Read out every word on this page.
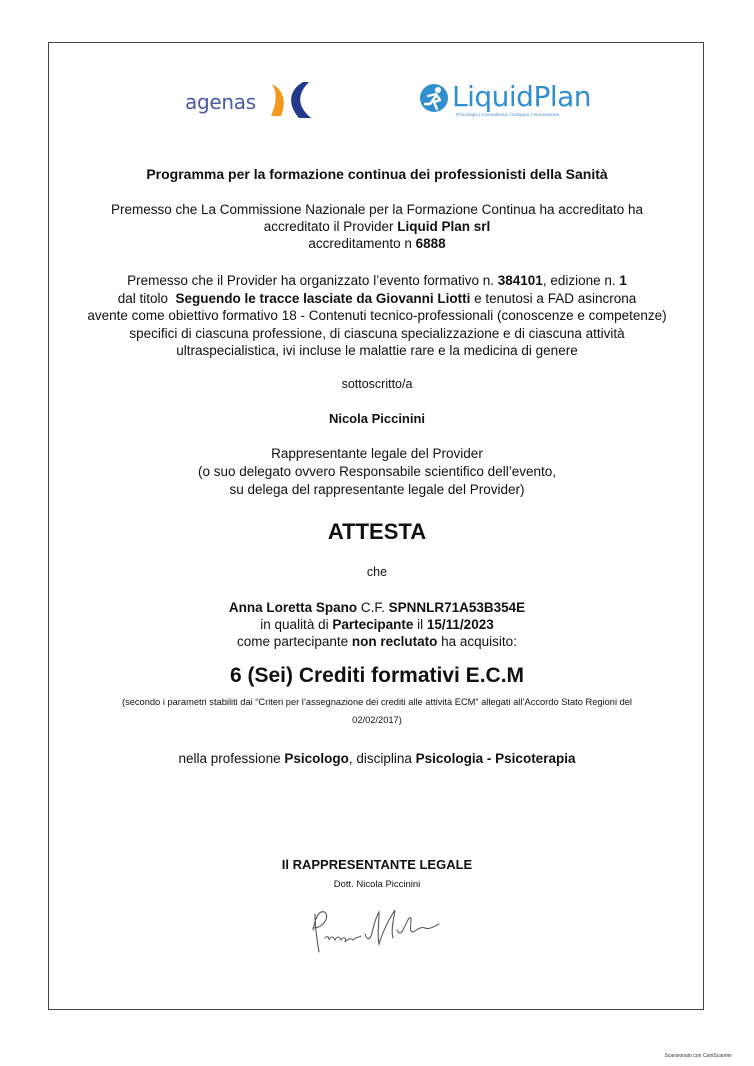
agenas	LiquidPlan
Psicologia | Consulenza | Sviluppo | Innovazione
Programma per la formazione continua dei professionisti della Sanità
Premesso che La Commissione Nazionale per la Formazione Continua ha accreditato ha
accreditato il Provider Liquid Plan srl
accreditamento n 6888
Premesso che il Provider ha organizzato l’evento formativo n. 384101, edizione n. 1
dal titolo  Seguendo le tracce lasciate da Giovanni Liotti e tenutosi a FAD asincrona
avente come obiettivo formativo 18 - Contenuti tecnico-professionali (conoscenze e competenze)
specifici di ciascuna professione, di ciascuna specializzazione e di ciascuna attività
ultraspecialistica, ivi incluse le malattie rare e la medicina di genere
sottoscritto/a
Nicola Piccinini
Rappresentante legale del Provider
(o suo delegato ovvero Responsabile scientifico dell’evento,
su delega del rappresentante legale del Provider)
ATTESTA
che
Anna Loretta Spano C.F. SPNNLR71A53B354E
in qualità di Partecipante il 15/11/2023
come partecipante non reclutato ha acquisito:
6 (Sei) Crediti formativi E.C.M
(secondo i parametri stabiliti dai “Criteri per l’assegnazione dei crediti alle attività ECM” allegati all’Accordo Stato Regioni del
02/02/2017)
nella professione Psicologo, disciplina Psicologia - Psicoterapia
Il RAPPRESENTANTE LEGALE
Dott. Nicola Piccinini
Scansionato con CamScanner
